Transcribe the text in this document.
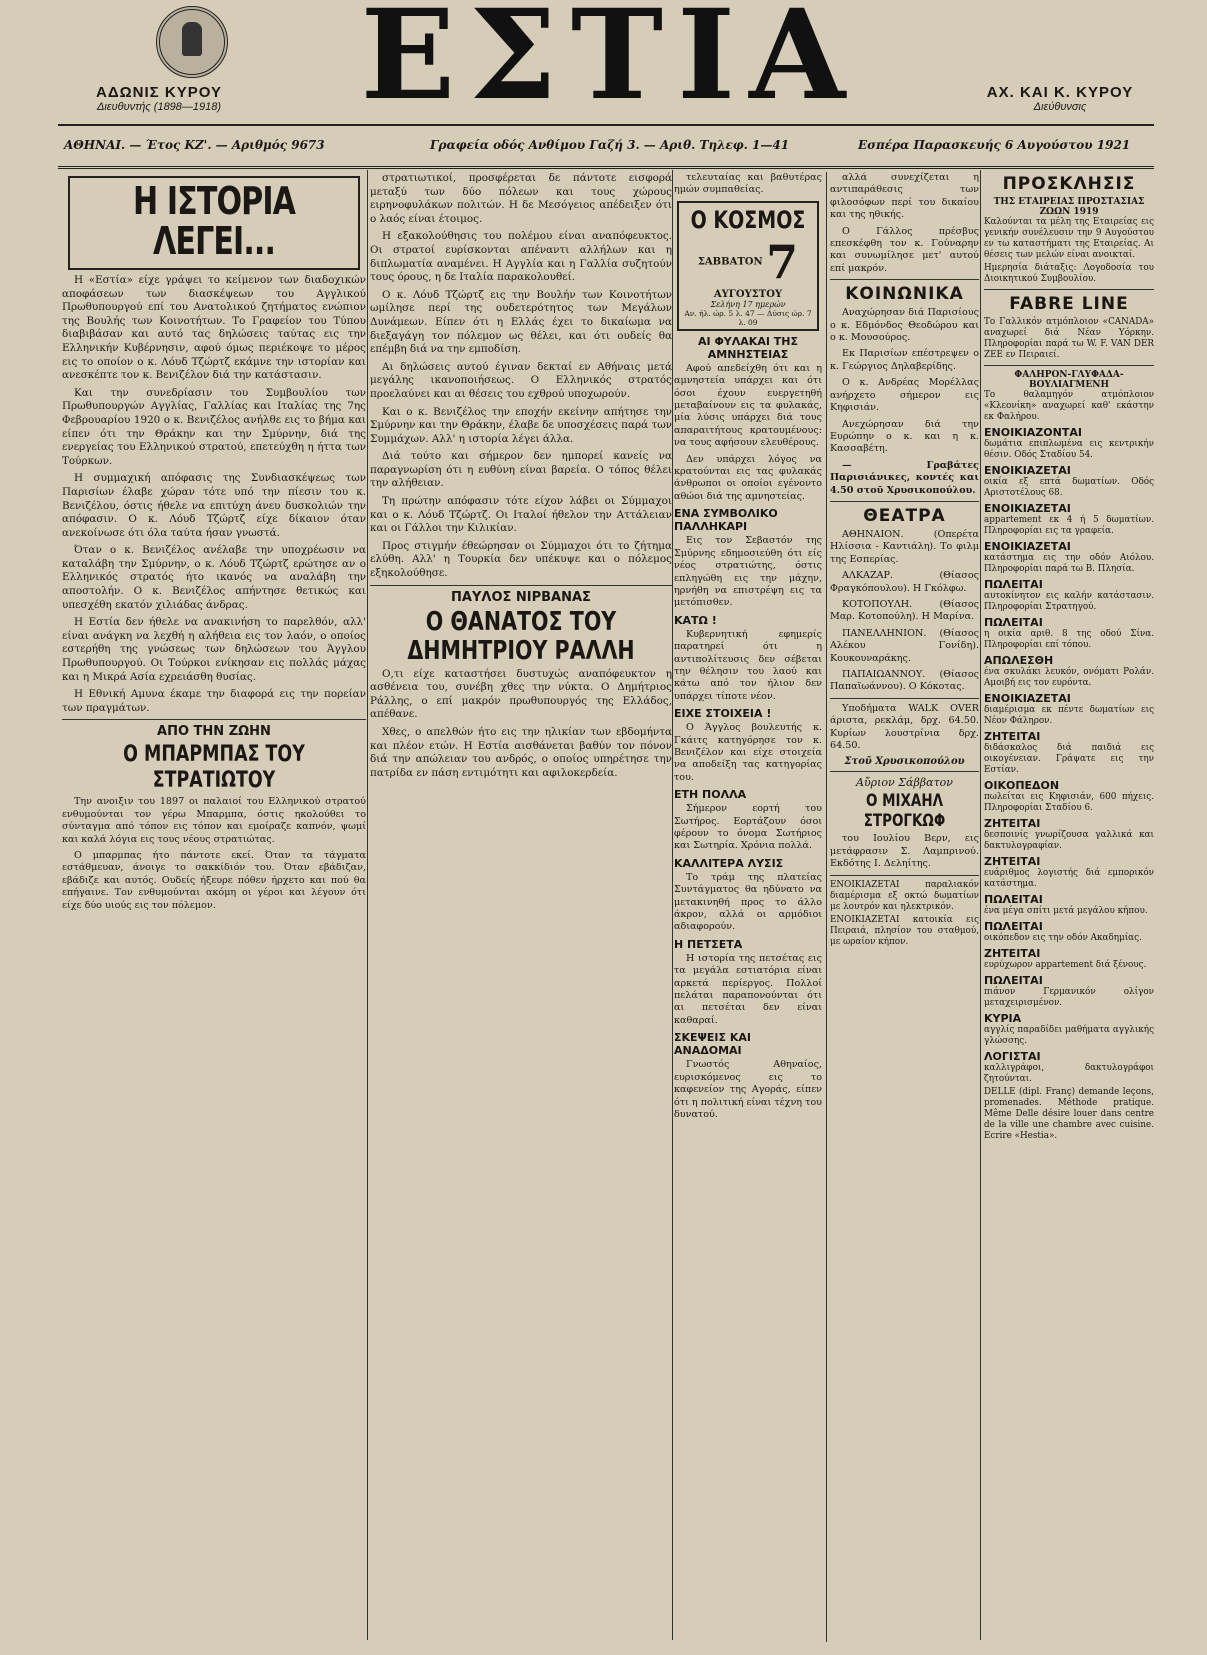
ΕΣΤΙΑ
ΑΔΩΝΙΣ ΚΥΡΟΥ
Διευθυντής (1898—1918)
ΑΧ. ΚΑΙ Κ. ΚΥΡΟΥ
Διεύθυνσις
ΑΘΗΝΑΙ. — Έτος ΚΖ'. — Αριθμός 9673	Γραφεία οδός Ανθίμου Γαζή 3. — Αριθ. Τηλεφ. 1—41	Εσπέρα Παρασκευής 6 Αυγούστου 1921
Η ΙΣΤΟΡΙΑ ΛΕΓΕΙ...

Η «Εστία» είχε γράψει το κείμενον των διαδοχικών αποφάσεων των διασκέψεων του Αγγλικού Πρωθυπουργού επί του Ανατολικού ζητήματος ενώπιον της Βουλής των Κοινοτήτων. Το Γραφείον του Τύπου διαβιβάσαν και αυτό τας δηλώσεις ταύτας εις την Ελληνικήν Κυβέρνησιν, αφού όμως περιέκοψε το μέρος εις το οποίον ο κ. Λόυδ Τζώρτζ εκάμνε την ιστορίαν και ανεσκέπτε τον κ. Βενιζέλον διά την κατάστασιν.

Και την συνεδρίασιν του Συμβουλίου των Πρωθυπουργών Αγγλίας, Γαλλίας και Ιταλίας της 7ης Φεβρουαρίου 1920 ο κ. Βενιζέλος ανήλθε εις το βήμα και είπεν ότι την Θράκην και την Σμύρνην, διά της ενεργείας του Ελληνικού στρατού, επετεύχθη η ήττα των Τούρκων.

Η συμμαχική απόφασις της Συνδιασκέψεως των Παρισίων έλαβε χώραν τότε υπό την πίεσιν του κ. Βενιζέλου, όστις ήθελε να επιτύχη άνευ δυσκολιών την απόφασιν. Ο κ. Λόυδ Τζώρτζ είχε δίκαιον όταν ανεκοίνωσε ότι όλα ταύτα ήσαν γνωστά.

Όταν ο κ. Βενιζέλος ανέλαβε την υποχρέωσιν να καταλάβη την Σμύρνην, ο κ. Λόυδ Τζώρτζ ερώτησε αν ο Ελληνικός στρατός ήτο ικανός να αναλάβη την αποστολήν. Ο κ. Βενιζέλος απήντησε θετικώς και υπεσχέθη εκατόν χιλιάδας άνδρας.

Η Εστία δεν ήθελε να ανακινήση το παρελθόν, αλλ' είναι ανάγκη να λεχθή η αλήθεια εις τον λαόν, ο οποίος εστερήθη της γνώσεως των δηλώσεων του Άγγλου Πρωθυπουργού. Οι Τούρκοι ενίκησαν εις πολλάς μάχας και η Μικρά Ασία εχρειάσθη θυσίας.

Η Εθνική Αμυνα έκαμε την διαφορά εις την πορείαν των πραγμάτων.

ΑΠΟ ΤΗΝ ΖΩΗΝ
Ο ΜΠΑΡΜΠΑΣ ΤΟΥ ΣΤΡΑΤΙΩΤΟΥ

Την ανοιξιν του 1897 οι παλαιοί του Ελληνικού στρατού ενθυμούνται τον γέρω Μπαρμπα, όστις ηκολούθει το σύνταγμα από τόπον εις τόπον και εμοίραζε καπνόν, ψωμί και καλά λόγια εις τους νέους στρατιώτας.

Ο μπαρμπας ήτο πάντοτε εκεί. Όταν τα τάγματα εστάθμευαν, άνοιγε το σακκίδιόν του. Όταν εβάδιζαν, εβάδιζε και αυτός. Ουδείς ήξευρε πόθεν ήρχετο και πού θα επήγαινε. Τον ενθυμούνται ακόμη οι γέροι και λέγουν ότι είχε δύο υιούς εις τον πόλεμον.

στρατιωτικοί, προσφέρεται δε πάντοτε εισφορά μεταξύ των δύο πόλεων και τους χώρους ειρηνοφυλάκων πολιτών. Η δε Μεσόγειος απέδειξεν ότι ο λαός είναι έτοιμος.

Η εξακολούθησις του πολέμου είναι αναπόφευκτος. Οι στρατοί ευρίσκονται απέναντι αλλήλων και η διπλωματία αναμένει. Η Αγγλία και η Γαλλία συζητούν τους όρους, η δε Ιταλία παρακολουθεί.

Ο κ. Λόυδ Τζώρτζ εις την Βουλήν των Κοινοτήτων ωμίλησε περί της ουδετερότητος των Μεγάλων Δυνάμεων. Είπεν ότι η Ελλάς έχει το δικαίωμα να διεξαγάγη τον πόλεμον ως θέλει, και ότι ουδείς θα επέμβη διά να την εμποδίση.

Αι δηλώσεις αυτού έγιναν δεκταί εν Αθήναις μετά μεγάλης ικανοποιήσεως. Ο Ελληνικός στρατός προελαύνει και αι θέσεις του εχθρού υποχωρούν.

Και ο κ. Βενιζέλος την εποχήν εκείνην απήτησε την Σμύρνην και την Θράκην, έλαβε δε υποσχέσεις παρά των Συμμάχων. Αλλ' η ιστορία λέγει άλλα.

Διά τούτο και σήμερον δεν ημπορεί κανείς να παραγνωρίση ότι η ευθύνη είναι βαρεία. Ο τόπος θέλει την αλήθειαν.

Τη πρώτην απόφασιν τότε είχον λάβει οι Σύμμαχοι και ο κ. Λόυδ Τζώρτζ. Οι Ιταλοί ήθελον την Αττάλειαν και οι Γάλλοι την Κιλικίαν.

Προς στιγμήν έθεώρησαν οι Σύμμαχοι ότι το ζήτημα ελύθη. Αλλ' η Τουρκία δεν υπέκυψε και ο πόλεμος εξηκολούθησε.

ΠΑΥΛΟΣ ΝΙΡΒΑΝΑΣ
Ο ΘΑΝΑΤΟΣ ΤΟΥ ΔΗΜΗΤΡΙΟΥ ΡΑΛΛΗ

Ο,τι είχε καταστήσει δυστυχώς αναπόφευκτον η ασθένεια του, συνέβη χθες την νύκτα. Ο Δημήτριος Ράλλης, ο επί μακρόν πρωθυπουργός της Ελλάδος, απέθανε.

Χθες, ο απελθών ήτο εις την ηλικίαν των εβδομήντα και πλέον ετών. Η Εστία αισθάνεται βαθύν τον πόνον διά την απώλειαν του ανδρός, ο οποίος υπηρέτησε την πατρίδα εν πάση εντιμότητι και αφιλοκερδεία.

τελευταίας και βαθυτέρας ημών συμπαθείας.

Ο ΚΟΣΜΟΣ
ΣΑΒΒΑΤΟΝ 7 ΑΥΓΟΥΣΤΟΥ
Σελήνη 17 ημερών
Αν. ήλ. ώρ. 5 λ. 47 — Δύσις ώρ. 7 λ. 09
ΑΙ ΦΥΛΑΚΑΙ ΤΗΣ ΑΜΝΗΣΤΕΙΑΣ

Αφού απεδείχθη ότι και η αμνηστεία υπάρχει και ότι όσοι έχουν ευεργετηθή μεταβαίνουν εις τα φυλακάς, μία λύσις υπάρχει διά τους απαραιτήτους κρατουμένους: να τους αφήσουν ελευθέρους.

Δεν υπάρχει λόγος να κρατούνται εις τας φυλακάς άνθρωποι οι οποίοι εγένοντο αθώοι διά της αμνηστείας.

ΕΝΑ ΣΥΜΒΟΛΙΚΟ ΠΑΛΛΗΚΑΡΙ

Εις τον Σεβαστόν της Σμύρνης εδημοσιεύθη ότι είς νέος στρατιώτης, όστις επληγώθη εις την μάχην, ηρνήθη να επιστρέψη εις τα μετόπισθεν.

ΚΑΤΩ !

Κυβερνητική εφημερίς παρατηρεί ότι η αντιπολίτευσις δεν σέβεται την θέλησιν του λαού και κάτω από τον ήλιον δεν υπάρχει τίποτε νέον.

ΕΙΧΕ ΣΤΟΙΧΕΙΑ !

Ο Άγγλος βουλευτής κ. Γκάιτς κατηγόρησε τον κ. Βενιζέλον και είχε στοιχεία να αποδείξη τας κατηγορίας του.

ΕΤΗ ΠΟΛΛΑ

Σήμερον εορτή του Σωτήρος. Εορτάζουν όσοι φέρουν το όνομα Σωτήριος και Σωτηρία. Χρόνια πολλά.

ΚΑΛΛΙΤΕΡΑ ΛΥΣΙΣ

Το τράμ της πλατείας Συντάγματος θα ηδύνατο να μετακινηθή προς το άλλο άκρον, αλλά οι αρμόδιοι αδιαφορούν.

Η ΠΕΤΣΕΤΑ

Η ιστορία της πετσέτας εις τα μεγάλα εστιατόρια είναι αρκετά περίεργος. Πολλοί πελάται παραπονούνται ότι αι πετσέται δεν είναι καθαραί.

ΣΚΕΨΕΙΣ ΚΑΙ ΑΝΑΔΟΜΑΙ

Γνωστός Αθηναίος, ευρισκόμενος εις το καφενείον της Αγοράς, είπεν ότι η πολιτική είναι τέχνη του δυνατού.

αλλά συνεχίζεται η αντιπαράθεσις των φιλοσόφων περί του δικαίου και της ηθικής.

Ο Γάλλος πρέσβυς επεσκέφθη τον κ. Γούναρην και συνωμίλησε μετ' αυτού επί μακρόν.

ΚΟΙΝΩΝΙΚΑ

Αναχώρησαν διά Παρισίους ο κ. Εδμόνδος Θεοδώρου και ο κ. Μουσούρος.

Εκ Παρισίων επέστρεψεν ο κ. Γεώργιος Δηλαβερίδης.

Ο κ. Ανδρέας Μορέλλας ανήρχετο σήμερον εις Κηφισιάν.

Ανεχώρησαν διά την Ευρώπην ο κ. και η κ. Κασσαβέτη.

— Γραβάτες Παρισιάνικες, κοντές και 4.50 στοῦ Χρυσικοπούλου.

ΘΕΑΤΡΑ

ΑΘΗΝΑΙΟΝ. (Οπερέτα Ηλίσσια - Καντιάλη). Το φιλμ της Εσπερίας.

ΑΛΚΑΖΑΡ. (Θίασος Φραγκόπουλου). Η Γκόλφω.

ΚΟΤΟΠΟΥΛΗ. (Θίασος Μαρ. Κοτοπούλη). Η Μαρίνα.

ΠΑΝΕΛΛΗΝΙΟΝ. (Θίασος Αλέκου Γονίδη). Κουκουναράκης.

ΠΑΠΑΙΩΑΝΝΟΥ. (Θίασος Παπαϊωάννου). Ο Κόκοτας.

Υποδήματα WALK OVER άριστα, ρεκλάμ, δρχ. 64.50. Κυρίων λουστρίνια δρχ. 64.50.

Στοῦ Χρυσικοπούλου
Αὔριον Σάββατον
Ο ΜΙΧΑΗΛ ΣΤΡΟΓΚΩΦ

του Ιουλίου Βερν, εις μετάφρασιν Σ. Λαμπρινού. Εκδότης Ι. Δεληίτης.

ΕΝΟΙΚΙΑΖΕΤΑΙ παραλιακόν διαμέρισμα εξ οκτώ δωματίων με λουτρόν και ηλεκτρικόν.

ΕΝΟΙΚΙΑΖΕΤΑΙ κατοικία εις Πειραιά, πλησίον του σταθμού, με ωραίον κήπον.

ΠΡΟΣΚΛΗΣΙΣ
ΤΗΣ ΕΤΑΙΡΕΙΑΣ ΠΡΟΣΤΑΣΙΑΣ ΖΩΩΝ 1919

Καλούνται τα μέλη της Εταιρείας εις γενικήν συνέλευσιν την 9 Αυγούστου εν τω καταστήματι της Εταιρείας. Αι θέσεις των μελών είναι ανοικταί.

Ημερησία διάταξις: Λογοδοσία του Διοικητικού Συμβουλίου.

FABRE LINE

Το Γαλλικόν ατμόπλοιον «CANADA» αναχωρεί διά Νέαν Υόρκην. Πληροφορίαι παρά τω W. F. VAN DER ZEE εν Πειραιεί.

ΦΑΛΗΡΟΝ-ΓΛΥΦΑΔΑ-ΒΟΥΛΙΑΓΜΕΝΗ

Το θαλαμηγόν ατμόπλοιον «Κλεονίκη» αναχωρεί καθ' εκάστην εκ Φαλήρου.

ΕΝΟΙΚΙΑΖΟΝΤΑΙ

δωμάτια επιπλωμένα εις κεντρικήν θέσιν. Οδός Σταδίου 54.

ΕΝΟΙΚΙΑΖΕΤΑΙ

οικία εξ επτά δωματίων. Οδός Αριστοτέλους 68.

ΕΝΟΙΚΙΑΖΕΤΑΙ

appartement εκ 4 ή 5 δωματίων. Πληροφορίαι εις τα γραφεία.

ΕΝΟΙΚΙΑΖΕΤΑΙ

κατάστημα εις την οδόν Αιόλου. Πληροφορίαι παρά τω Β. Πλησία.

ΠΩΛΕΙΤΑΙ

αυτοκίνητον εις καλήν κατάστασιν. Πληροφορίαι Στρατηγού.

ΠΩΛΕΙΤΑΙ

η οικία αριθ. 8 της οδού Σίνα. Πληροφορίαι επί τόπου.

ΑΠΩΛΕΣΘΗ

ένα σκυλάκι λευκόν, ονόματι Ρολάν. Αμοιβή εις τον ευρόντα.

ΕΝΟΙΚΙΑΖΕΤΑΙ

διαμέρισμα εκ πέντε δωματίων εις Νέον Φάληρον.

ΖΗΤΕΙΤΑΙ

διδάσκαλος διά παιδιά εις οικογένειαν. Γράψατε εις την Εστίαν.

ΟΙΚΟΠΕΔΟΝ

πωλείται εις Κηφισιάν, 600 πήχεις. Πληροφορίαι Σταδίου 6.

ΖΗΤΕΙΤΑΙ

δεσποινίς γνωρίζουσα γαλλικά και δακτυλογραφίαν.

ΖΗΤΕΙΤΑΙ

ευάριθμος λογιστής διά εμπορικόν κατάστημα.

ΠΩΛΕΙΤΑΙ

ένα μέγα σπίτι μετά μεγάλου κήπου.

ΠΩΛΕΙΤΑΙ

οικόπεδον εις την οδόν Ακαδημίας.

ΖΗΤΕΙΤΑΙ

ευρύχωρον appartement διά ξένους.

ΠΩΛΕΙΤΑΙ

πιάνον Γερμανικόν ολίγον μεταχειρισμένον.

ΚΥΡΙΑ

αγγλίς παραδίδει μαθήματα αγγλικής γλώσσης.

ΛΟΓΙΣΤΑΙ

καλλιγράφοι, δακτυλογράφοι ζητούνται.

DELLE (dipl. Franç) demande leçons, promenades. Méthode pratique. Même Delle désire louer dans centre de la ville une chambre avec cuisine. Ecrire «Hestia».
